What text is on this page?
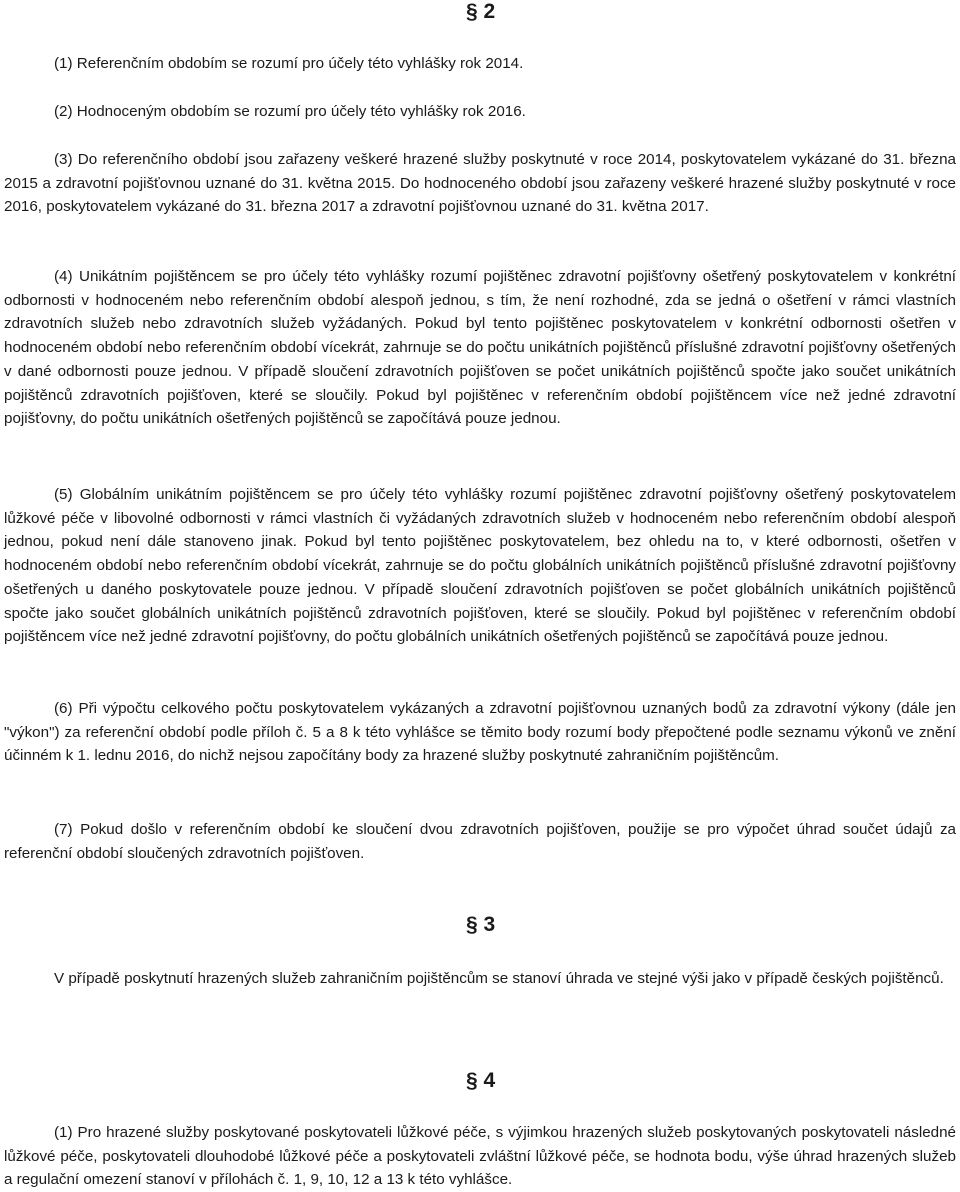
§ 2

(1) Referenčním obdobím se rozumí pro účely této vyhlášky rok 2014.

(2) Hodnoceným obdobím se rozumí pro účely této vyhlášky rok 2016.

(3) Do referenčního období jsou zařazeny veškeré hrazené služby poskytnuté v roce 2014, poskytovatelem vykázané do 31. března 2015 a zdravotní pojišťovnou uznané do 31. května 2015. Do hodnoceného období jsou zařazeny veškeré hrazené služby poskytnuté v roce 2016, poskytovatelem vykázané do 31. března 2017 a zdravotní pojišťovnou uznané do 31. května 2017.

(4) Unikátním pojištěncem se pro účely této vyhlášky rozumí pojištěnec zdravotní pojišťovny ošetřený poskytovatelem v konkrétní odbornosti v hodnoceném nebo referenčním období alespoň jednou, s tím, že není rozhodné, zda se jedná o ošetření v rámci vlastních zdravotních služeb nebo zdravotních služeb vyžádaných. Pokud byl tento pojištěnec poskytovatelem v konkrétní odbornosti ošetřen v hodnoceném období nebo referenčním období vícekrát, zahrnuje se do počtu unikátních pojištěnců příslušné zdravotní pojišťovny ošetřených v dané odbornosti pouze jednou. V případě sloučení zdravotních pojišťoven se počet unikátních pojištěnců spočte jako součet unikátních pojištěnců zdravotních pojišťoven, které se sloučily. Pokud byl pojištěnec v referenčním období pojištěncem více než jedné zdravotní pojišťovny, do počtu unikátních ošetřených pojištěnců se započítává pouze jednou.

(5) Globálním unikátním pojištěncem se pro účely této vyhlášky rozumí pojištěnec zdravotní pojišťovny ošetřený poskytovatelem lůžkové péče v libovolné odbornosti v rámci vlastních či vyžádaných zdravotních služeb v hodnoceném nebo referenčním období alespoň jednou, pokud není dále stanoveno jinak. Pokud byl tento pojištěnec poskytovatelem, bez ohledu na to, v které odbornosti, ošetřen v hodnoceném období nebo referenčním období vícekrát, zahrnuje se do počtu globálních unikátních pojištěnců příslušné zdravotní pojišťovny ošetřených u daného poskytovatele pouze jednou. V případě sloučení zdravotních pojišťoven se počet globálních unikátních pojištěnců spočte jako součet globálních unikátních pojištěnců zdravotních pojišťoven, které se sloučily. Pokud byl pojištěnec v referenčním období pojištěncem více než jedné zdravotní pojišťovny, do počtu globálních unikátních ošetřených pojištěnců se započítává pouze jednou.

(6) Při výpočtu celkového počtu poskytovatelem vykázaných a zdravotní pojišťovnou uznaných bodů za zdravotní výkony (dále jen "výkon") za referenční období podle příloh č. 5 a 8 k této vyhlášce se těmito body rozumí body přepočtené podle seznamu výkonů ve znění účinném k 1. lednu 2016, do nichž nejsou započítány body za hrazené služby poskytnuté zahraničním pojištěncům.

(7) Pokud došlo v referenčním období ke sloučení dvou zdravotních pojišťoven, použije se pro výpočet úhrad součet údajů za referenční období sloučených zdravotních pojišťoven.

§ 3

V případě poskytnutí hrazených služeb zahraničním pojištěncům se stanoví úhrada ve stejné výši jako v případě českých pojištěnců.

§ 4

(1) Pro hrazené služby poskytované poskytovateli lůžkové péče, s výjimkou hrazených služeb poskytovaných poskytovateli následné lůžkové péče, poskytovateli dlouhodobé lůžkové péče a poskytovateli zvláštní lůžkové péče, se hodnota bodu, výše úhrad hrazených služeb a regulační omezení stanoví v přílohách č. 1, 9, 10, 12 a 13 k této vyhlášce.
